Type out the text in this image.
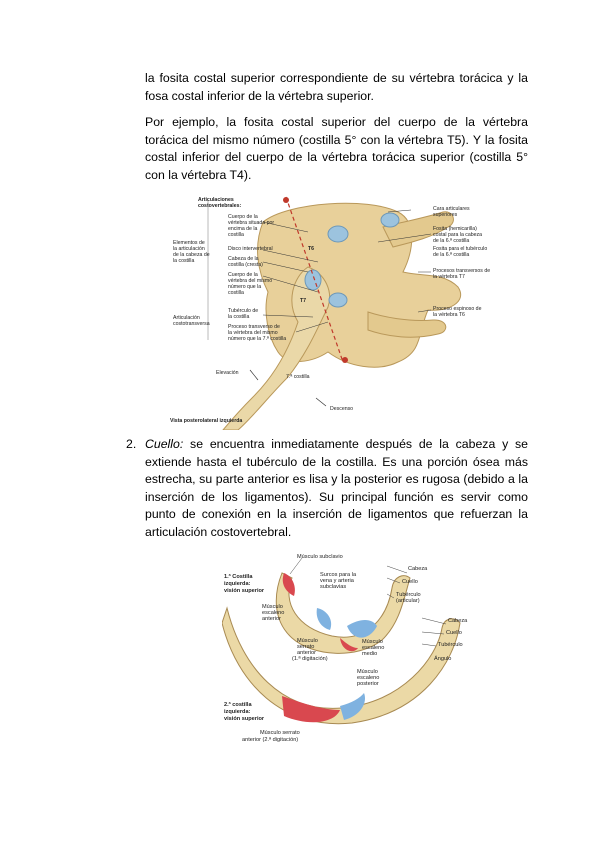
la fosita costal superior correspondiente de su vértebra torácica y la fosa costal inferior de la vértebra superior.

Por ejemplo, la fosita costal superior del cuerpo de la vértebra torácica del mismo número (costilla 5° con la vértebra T5). Y la fosita costal inferior del cuerpo de la vértebra torácica superior (costilla 5° con la vértebra T4).

Articulaciones
costovertebrales:
Elementos de
la articulación
de la cabeza de
la costilla
Articulación
costotransversa
Cuerpo de la
vértebra situada por
encima de la
costilla
Disco intervertebral
Cabeza de la
costilla (cresta)
Cuerpo de la
vértebra del mismo
número que la
costilla
Tubérculo de
la costilla
Proceso transverso de
la vértebra del mismo
número que la 7.ª costilla
Cara articulares
superiores
Fosita (hemicarilla)
costal para la cabeza
de la 6.ª costilla
Fosita para el tubérculo
de la 6.ª costilla
Procesos transversos de
la vértebra T7
Proceso espinoso de
la vértebra T6
T6
T7
Elevación
7.ª costilla
Descenso
Vista posterolateral izquierda
2. Cuello: se encuentra inmediatamente después de la cabeza y se extiende hasta el tubérculo de la costilla. Es una porción ósea más estrecha, su parte anterior es lisa y la posterior es rugosa (debido a la inserción de los ligamentos). Su principal función es servir como punto de conexión en la inserción de ligamentos que refuerzan la articulación costovertebral.

1.ª Costilla
izquierda:
visión superior
Músculo subclavio
Surcos para la
vena y arteria
subclavias
Músculo
escaleno
anterior
Músculo
escaleno
medio
Músculo
serrato
anterior
(1.ª digitación)
Músculo
escaleno
posterior
Cabeza
Cuello
Tubérculo
(articular)
Cabeza
Cuello
Tubérculo
Ángulo
2.ª costilla
izquierda:
visión superior
Músculo serrato
anterior (2.ª digitación)
